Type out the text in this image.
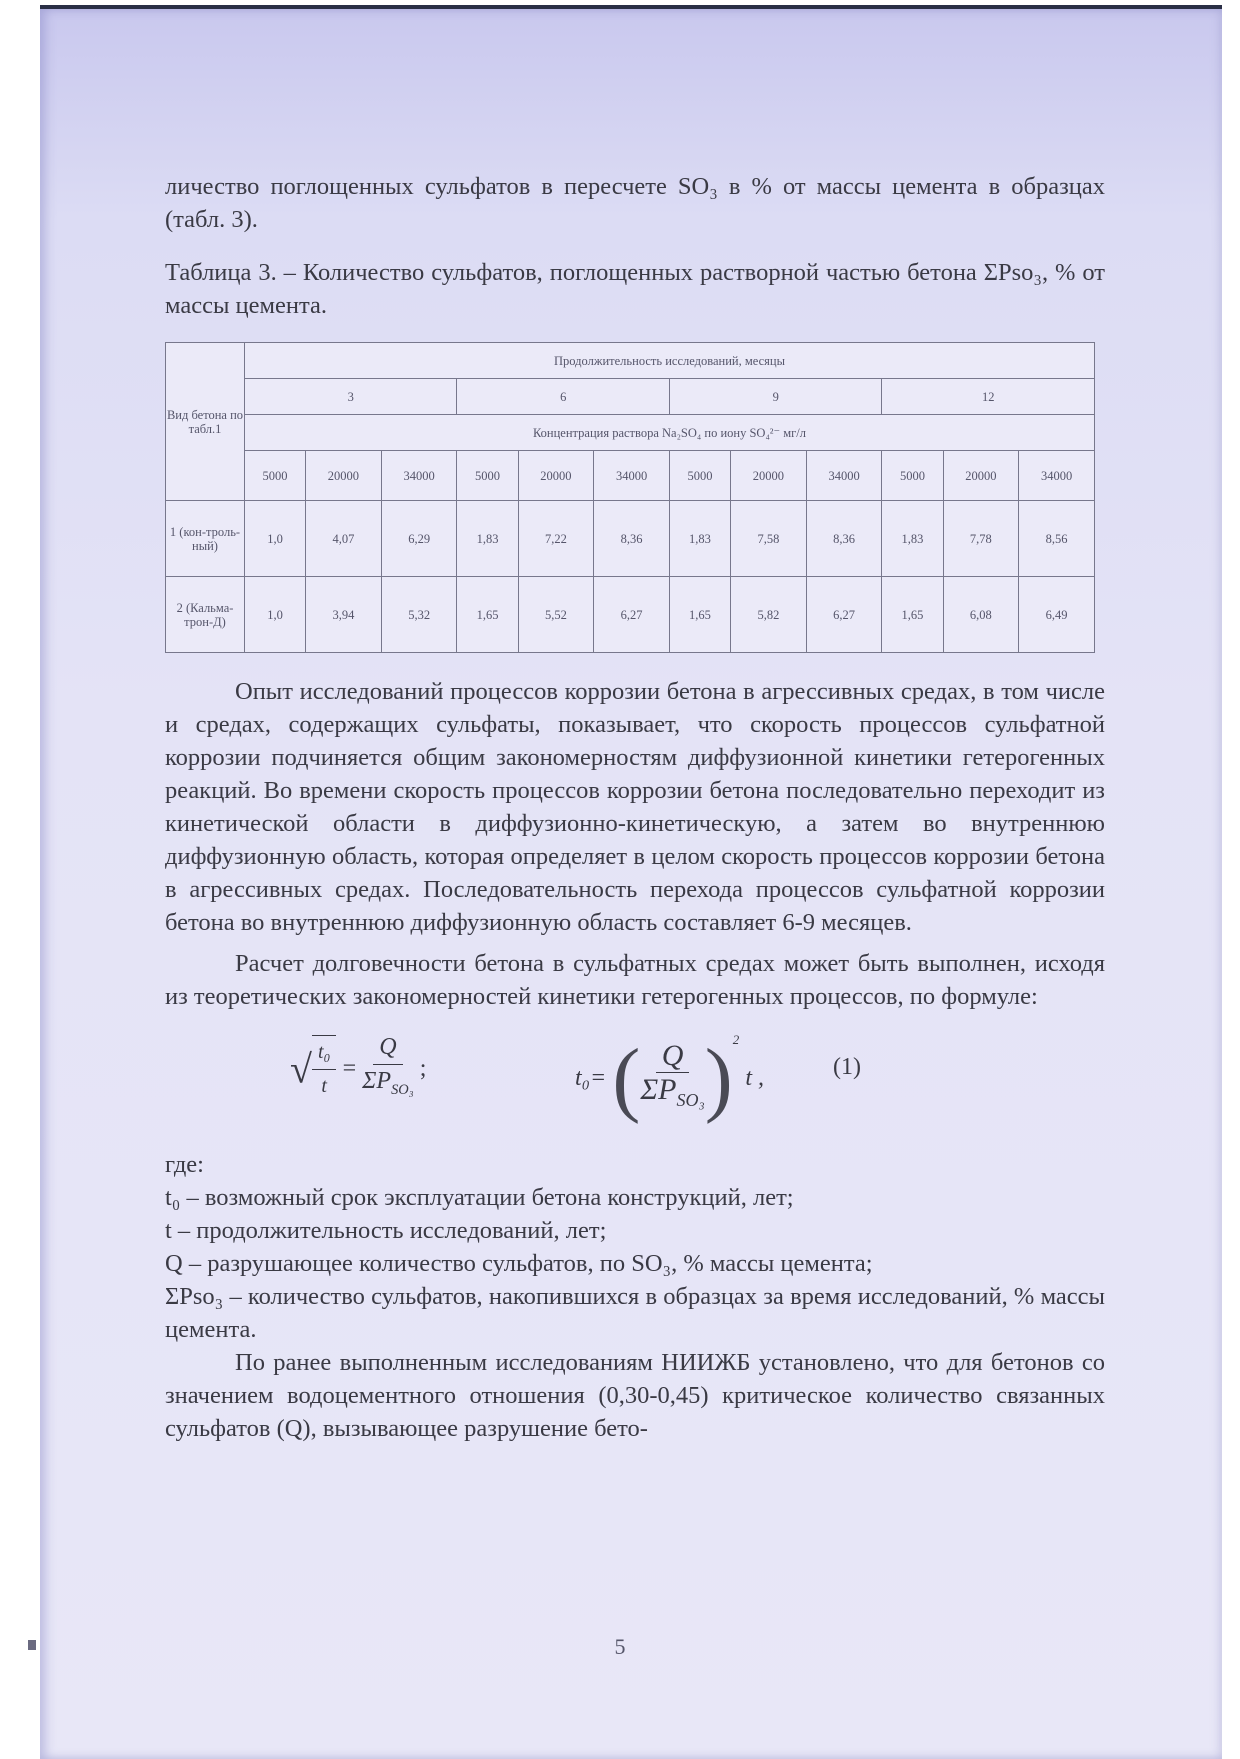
личество поглощенных сульфатов в пересчете SO₃ в % от массы цемента в образцах (табл. 3).

Таблица 3. – Количество сульфатов, поглощенных растворной частью бетона ΣPso₃, % от массы цемента.

Вид бетона по табл.1	Продолжительность исследований, месяцы											
	3			6			9			12		
	Концентрация раствора Na₂SO₄ по иону SO₄²⁻ мг/л											
	5000	20000	34000	5000	20000	34000	5000	20000	34000	5000	20000	34000
1 (кон-троль-ный)	1,0	4,07	6,29	1,83	7,22	8,36	1,83	7,58	8,36	1,83	7,78	8,56
2 (Кальма-трон-Д)	1,0	3,94	5,32	1,65	5,52	6,27	1,65	5,82	6,27	1,65	6,08	6,49

Опыт исследований процессов коррозии бетона в агрессивных средах, в том числе и средах, содержащих сульфаты, показывает, что скорость процессов сульфатной коррозии подчиняется общим закономерностям диффузионной кинетики гетерогенных реакций. Во времени скорость процессов коррозии бетона последовательно переходит из кинетической области в диффузионно-кинетическую, а затем во внутреннюю диффузионную область, которая определяет в целом скорость процессов коррозии бетона в агрессивных средах. Последовательность перехода процессов сульфатной коррозии бетона во внутреннюю диффузионную область составляет 6-9 месяцев.

Расчет долговечности бетона в сульфатных средах может быть выполнен, исходя из теоретических закономерностей кинетики гетерогенных процессов, по формуле:

√ $\frac{\text{t₀}}{t} = \frac{Q}{\Sigma P_{SO_3}}$ ;	t₀= ( $\frac{Q}{\Sigma P_{SO_3}} )^2$ t ,	(1)

где:

t₀ – возможный срок эксплуатации бетона конструкций, лет;

t – продолжительность исследований, лет;

Q – разрушающее количество сульфатов, по SO₃, % массы цемента;

ΣPso₃ – количество сульфатов, накопившихся в образцах за время исследований, % массы цемента.

По ранее выполненным исследованиям НИИЖБ установлено, что для бетонов со значением водоцементного отношения (0,30-0,45) критическое количество связанных сульфатов (Q), вызывающее разрушение бето-

5
